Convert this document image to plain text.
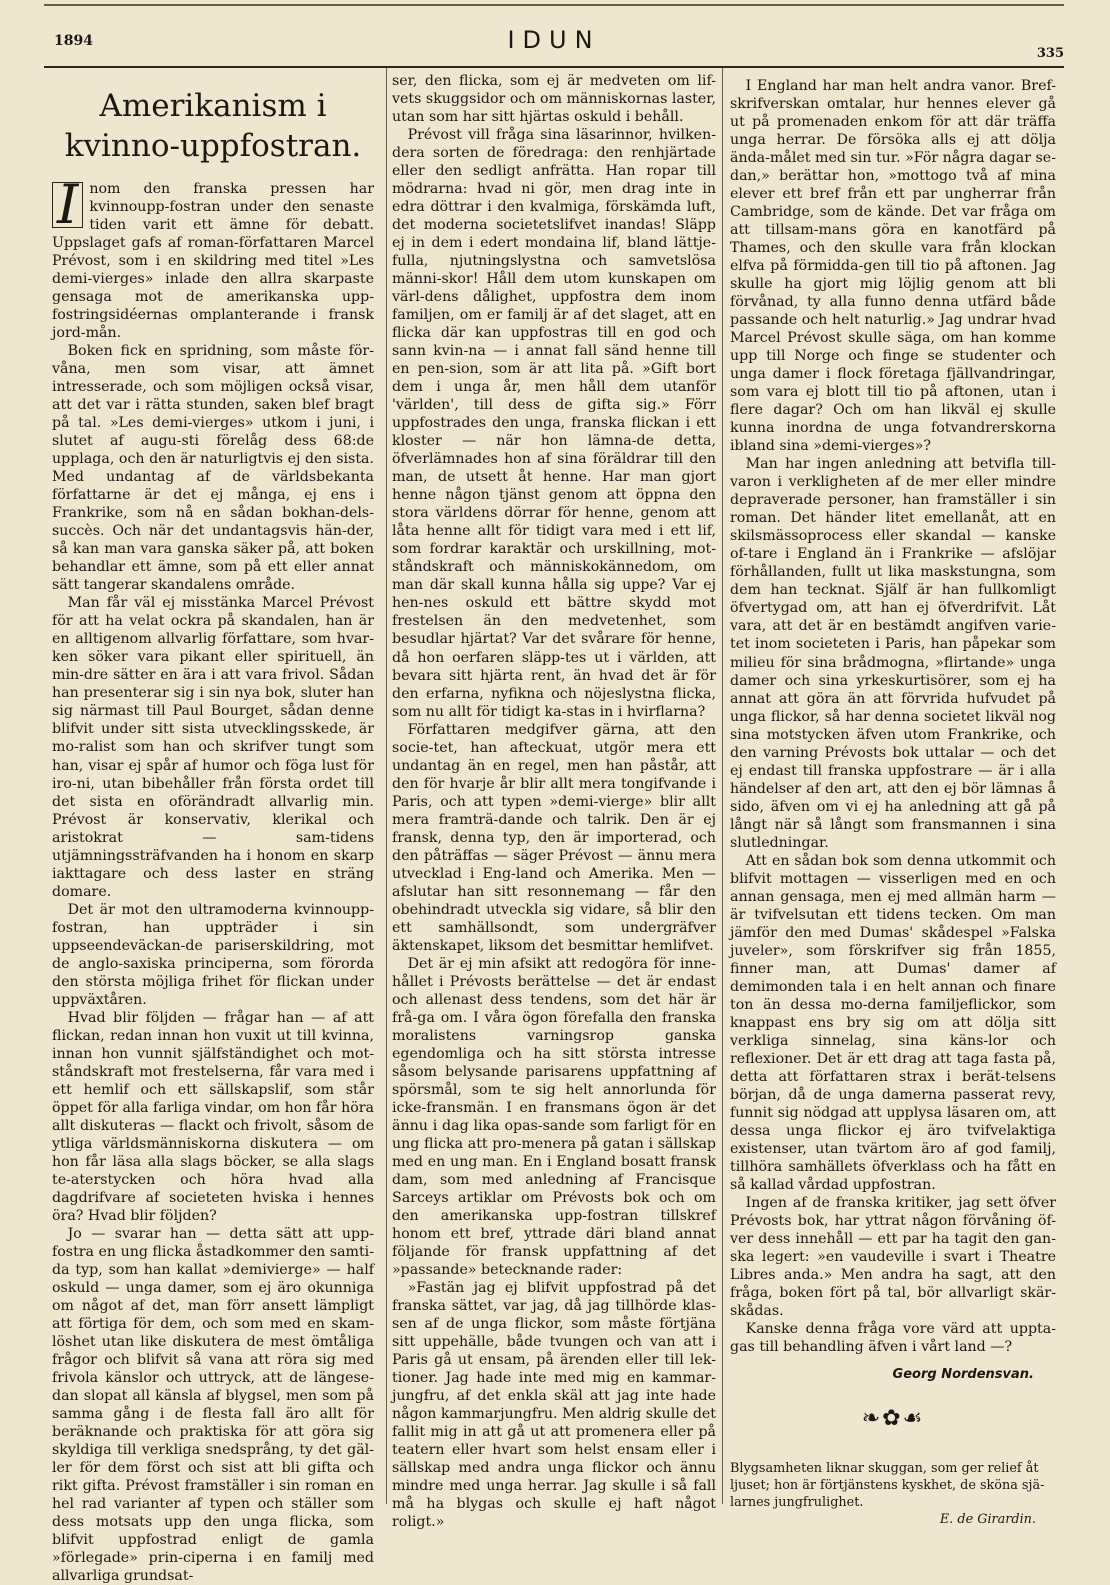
1894	IDUN	335
Amerikanism i kvinno-uppfostran.

I nom den franska pressen har kvinnoupp-fostran under den senaste tiden varit ett ämne för debatt. Uppslaget gafs af roman-författaren Marcel Prévost, som i en skildring med titel »Les demi-vierges» inlade den allra skarpaste gensaga mot de amerikanska upp-fostringsidéernas omplanterande i fransk jord-mån.

Boken fick en spridning, som måste för-våna, men som visar, att ämnet intresserade, och som möjligen också visar, att det var i rätta stunden, saken blef bragt på tal. »Les demi-vierges» utkom i juni, i slutet af augu-sti förelåg dess 68:de upplaga, och den är naturligtvis ej den sista. Med undantag af de världsbekanta författarne är det ej många, ej ens i Frankrike, som nå en sådan bokhan-dels-succès. Och när det undantagsvis hän-der, så kan man vara ganska säker på, att boken behandlar ett ämne, som på ett eller annat sätt tangerar skandalens område.

Man får väl ej misstänka Marcel Prévost för att ha velat ockra på skandalen, han är en alltigenom allvarlig författare, som hvar-ken söker vara pikant eller spirituell, än min-dre sätter en ära i att vara frivol. Sådan han presenterar sig i sin nya bok, sluter han sig närmast till Paul Bourget, sådan denne blifvit under sitt sista utvecklingsskede, är mo-ralist som han och skrifver tungt som han, visar ej spår af humor och föga lust för iro-ni, utan bibehåller från första ordet till det sista en oförändradt allvarlig min. Prévost är konservativ, klerikal och aristokrat — sam-tidens utjämningssträfvanden ha i honom en skarp iakttagare och dess laster en sträng domare.

Det är mot den ultramoderna kvinnoupp-fostran, han uppträder i sin uppseendeväckan-de pariserskildring, mot de anglo-saxiska principerna, som förorda den största möjliga frihet för flickan under uppväxtåren.

Hvad blir följden — frågar han — af att flickan, redan innan hon vuxit ut till kvinna, innan hon vunnit själfständighet och mot-ståndskraft mot frestelserna, får vara med i ett hemlif och ett sällskapslif, som står öppet för alla farliga vindar, om hon får höra allt diskuteras — flackt och frivolt, såsom de ytliga världsmänniskorna diskutera — om hon får läsa alla slags böcker, se alla slags te-aterstycken och höra hvad alla dagdrifvare af societeten hviska i hennes öra? Hvad blir följden?

Jo — svarar han — detta sätt att upp-fostra en ung flicka åstadkommer den samti-da typ, som han kallat »demivierge» — half oskuld — unga damer, som ej äro okunniga om något af det, man förr ansett lämpligt att förtiga för dem, och som med en skam-löshet utan like diskutera de mest ömtåliga frågor och blifvit så vana att röra sig med frivola känslor och uttryck, att de längese-dan slopat all känsla af blygsel, men som på samma gång i de flesta fall äro allt för beräknande och praktiska för att göra sig skyldiga till verkliga snedsprång, ty det gäl-ler för dem först och sist att bli gifta och rikt gifta. Prévost framställer i sin roman en hel rad varianter af typen och ställer som dess motsats upp den unga flicka, som blifvit uppfostrad enligt de gamla »förlegade» prin-ciperna i en familj med allvarliga grundsat-

ser, den flicka, som ej är medveten om lif-vets skuggsidor och om människornas laster, utan som har sitt hjärtas oskuld i behåll.

Prévost vill fråga sina läsarinnor, hvilken-dera sorten de föredraga: den renhjärtade eller den sedligt anfrätta. Han ropar till mödrarna: hvad ni gör, men drag inte in edra döttrar i den kvalmiga, förskämda luft, det moderna societetslifvet inandas! Släpp ej in dem i edert mondaina lif, bland lättje-fulla, njutningslystna och samvetslösa männi-skor! Håll dem utom kunskapen om värl-dens dålighet, uppfostra dem inom familjen, om er familj är af det slaget, att en flicka där kan uppfostras till en god och sann kvin-na — i annat fall sänd henne till en pen-sion, som är att lita på. »Gift bort dem i unga år, men håll dem utanför 'världen', till dess de gifta sig.» Förr uppfostrades den unga, franska flickan i ett kloster — när hon lämna-de detta, öfverlämnades hon af sina föräldrar till den man, de utsett åt henne. Har man gjort henne någon tjänst genom att öppna den stora världens dörrar för henne, genom att låta henne allt för tidigt vara med i ett lif, som fordrar karaktär och urskillning, mot-ståndskraft och människokännedom, om man där skall kunna hålla sig uppe? Var ej hen-nes oskuld ett bättre skydd mot frestelsen än den medvetenhet, som besudlar hjärtat? Var det svårare för henne, då hon oerfaren släpp-tes ut i världen, att bevara sitt hjärta rent, än hvad det är för den erfarna, nyfikna och nöjeslystna flicka, som nu allt för tidigt ka-stas in i hvirflarna?

Författaren medgifver gärna, att den socie-tet, han afteckuat, utgör mera ett undantag än en regel, men han påstår, att den för hvarje år blir allt mera tongifvande i Paris, och att typen »demi-vierge» blir allt mera framträ-dande och talrik. Den är ej fransk, denna typ, den är importerad, och den påträffas — säger Prévost — ännu mera utvecklad i Eng-land och Amerika. Men — afslutar han sitt resonnemang — får den obehindradt utveckla sig vidare, så blir den ett samhällsondt, som undergräfver äktenskapet, liksom det besmittar hemlifvet.

Det är ej min afsikt att redogöra för inne-hållet i Prévosts berättelse — det är endast och allenast dess tendens, som det här är frå-ga om. I våra ögon förefalla den franska moralistens varningsrop ganska egendomliga och ha sitt största intresse såsom belysande parisarens uppfattning af spörsmål, som te sig helt annorlunda för icke-fransmän. I en fransmans ögon är det ännu i dag lika opas-sande som farligt för en ung flicka att pro-menera på gatan i sällskap med en ung man. En i England bosatt fransk dam, som med anledning af Francisque Sarceys artiklar om Prévosts bok och om den amerikanska upp-fostran tillskref honom ett bref, yttrade däri bland annat följande för fransk uppfattning af det »passande» betecknande rader:

»Fastän jag ej blifvit uppfostrad på det franska sättet, var jag, då jag tillhörde klas-sen af de unga flickor, som måste förtjäna sitt uppehälle, både tvungen och van att i Paris gå ut ensam, på ärenden eller till lek-tioner. Jag hade inte med mig en kammar-jungfru, af det enkla skäl att jag inte hade någon kammarjungfru. Men aldrig skulle det fallit mig in att gå ut att promenera eller på teatern eller hvart som helst ensam eller i sällskap med andra unga flickor och ännu mindre med unga herrar. Jag skulle i så fall må ha blygas och skulle ej haft något roligt.»

I England har man helt andra vanor. Bref-skrifverskan omtalar, hur hennes elever gå ut på promenaden enkom för att där träffa unga herrar. De försöka alls ej att dölja ända-målet med sin tur. »För några dagar se-dan,» berättar hon, »mottogo två af mina elever ett bref från ett par ungherrar från Cambridge, som de kände. Det var fråga om att tillsam-mans göra en kanotfärd på Thames, och den skulle vara från klockan elfva på förmidda-gen till tio på aftonen. Jag skulle ha gjort mig löjlig genom att bli förvånad, ty alla funno denna utfärd både passande och helt naturlig.» Jag undrar hvad Marcel Prévost skulle säga, om han komme upp till Norge och finge se studenter och unga damer i flock företaga fjällvandringar, som vara ej blott till tio på aftonen, utan i flere dagar? Och om han likväl ej skulle kunna inordna de unga fotvandrerskorna ibland sina »demi-vierges»?

Man har ingen anledning att betvifla till-varon i verkligheten af de mer eller mindre depraverade personer, han framställer i sin roman. Det händer litet emellanåt, att en skilsmässoprocess eller skandal — kanske of-tare i England än i Frankrike — afslöjar förhållanden, fullt ut lika maskstungna, som dem han tecknat. Själf är han fullkomligt öfvertygad om, att han ej öfverdrifvit. Låt vara, att det är en bestämdt angifven varie-tet inom societeten i Paris, han påpekar som milieu för sina brådmogna, »flirtande» unga damer och sina yrkeskurtisörer, som ej ha annat att göra än att förvrida hufvudet på unga flickor, så har denna societet likväl nog sina motstycken äfven utom Frankrike, och den varning Prévosts bok uttalar — och det ej endast till franska uppfostrare — är i alla händelser af den art, att den ej bör lämnas å sido, äfven om vi ej ha anledning att gå på långt när så långt som fransmannen i sina slutledningar.

Att en sådan bok som denna utkommit och blifvit mottagen — visserligen med en och annan gensaga, men ej med allmän harm — är tvifvelsutan ett tidens tecken. Om man jämför den med Dumas' skådespel »Falska juveler», som förskrifver sig från 1855, finner man, att Dumas' damer af demimonden tala i en helt annan och finare ton än dessa mo-derna familjeflickor, som knappast ens bry sig om att dölja sitt verkliga sinnelag, sina käns-lor och reflexioner. Det är ett drag att taga fasta på, detta att författaren strax i berät-telsens början, då de unga damerna passerat revy, funnit sig nödgad att upplysa läsaren om, att dessa unga flickor ej äro tvifvelaktiga existenser, utan tvärtom äro af god familj, tillhöra samhällets öfverklass och ha fått en så kallad vårdad uppfostran.

Ingen af de franska kritiker, jag sett öfver Prévosts bok, har yttrat någon förvåning öf-ver dess innehåll — ett par ha tagit den gan-ska legert: »en vaudeville i svart i Theatre Libres anda.» Men andra ha sagt, att den fråga, boken fört på tal, bör allvarligt skär-skådas.

Kanske denna fråga vore värd att uppta-gas till behandling äfven i vårt land —?

Georg Nordensvan.
❧✿☙

Blygsamheten liknar skuggan, som ger relief åt ljuset; hon är förtjänstens kyskhet, de sköna sjä-larnes jungfrulighet.

E. de Girardin.
